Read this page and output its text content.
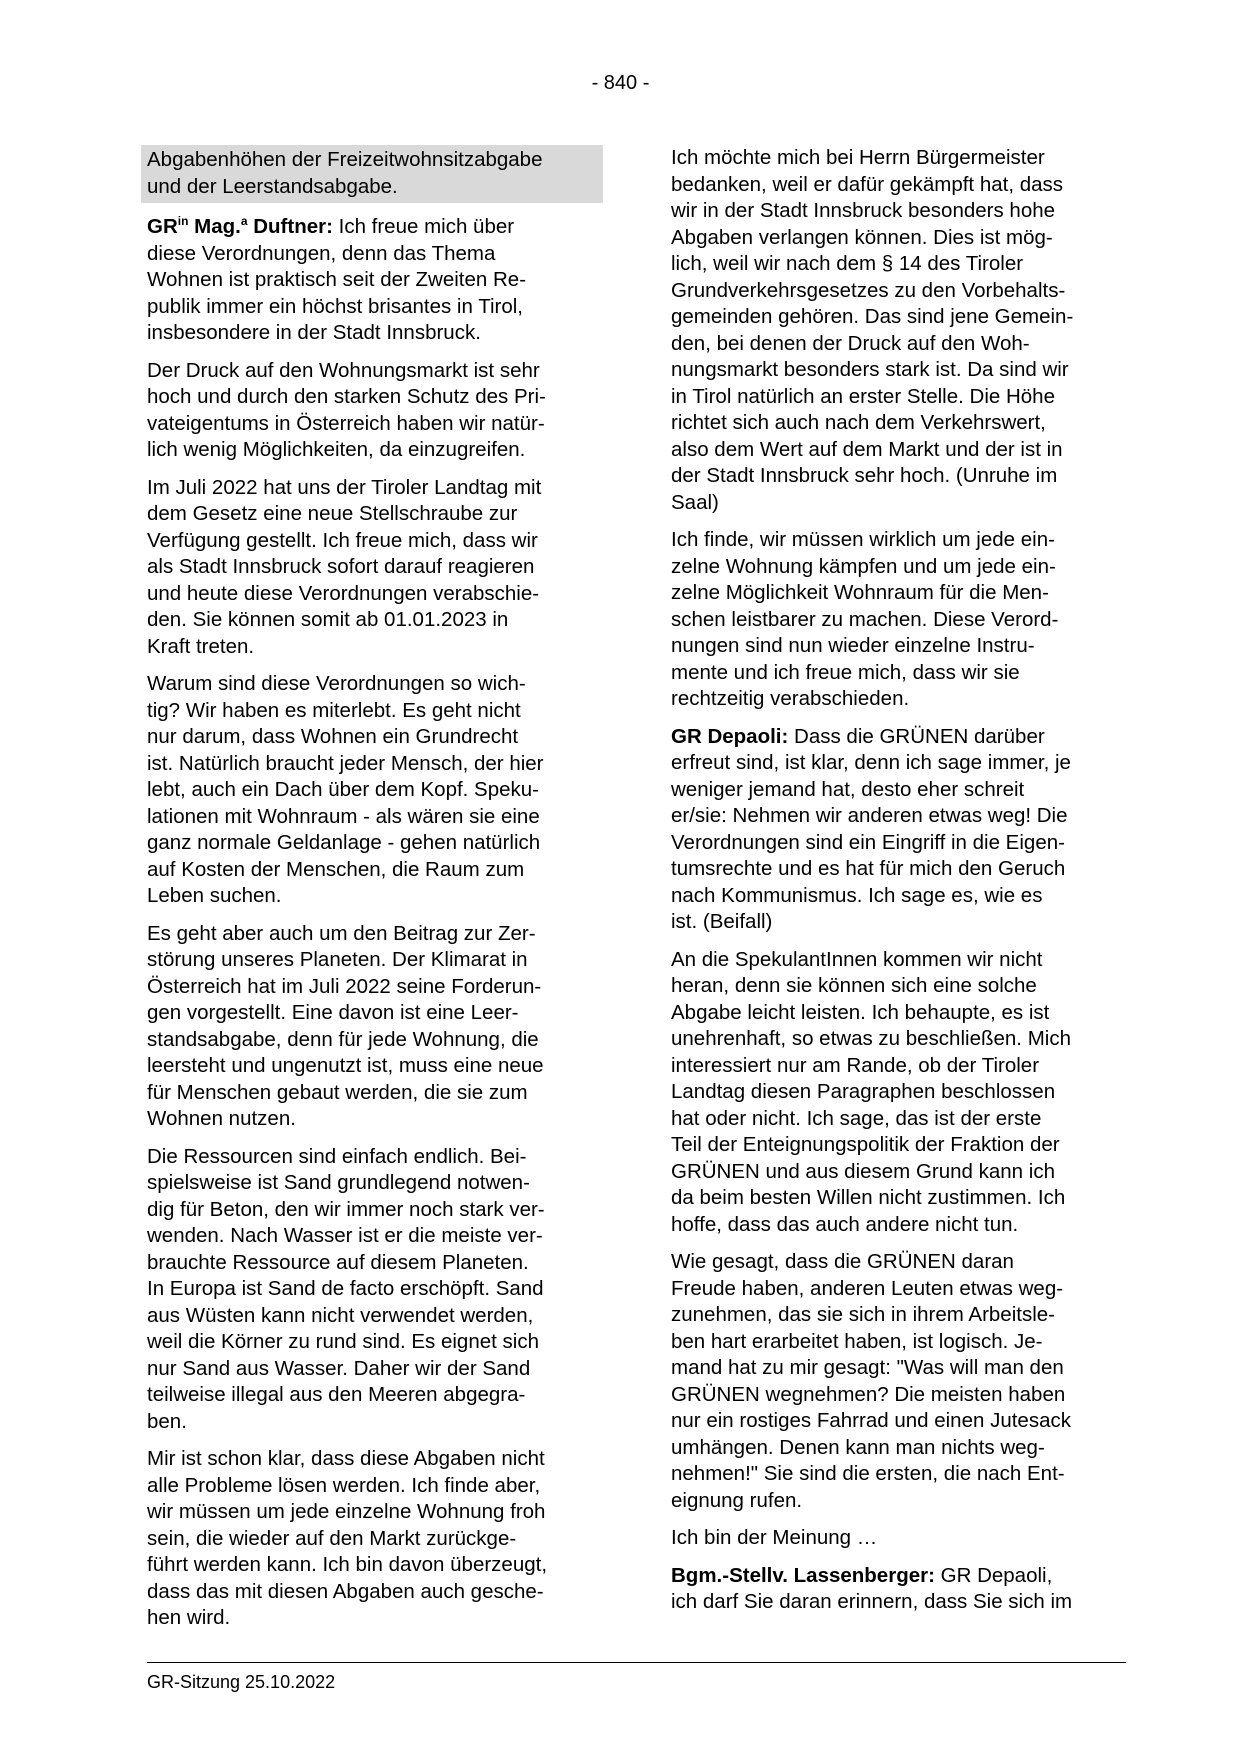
- 840 -
Abgabenhöhen der Freizeitwohnsitzabgabe
und der Leerstandsabgabe.

$GR^{in}$ Mag.$^a$ Duftner: Ich freue mich über
diese Verordnungen, denn das Thema
Wohnen ist praktisch seit der Zweiten Re-
publik immer ein höchst brisantes in Tirol,
insbesondere in der Stadt Innsbruck.

Der Druck auf den Wohnungsmarkt ist sehr
hoch und durch den starken Schutz des Pri-
vateigentums in Österreich haben wir natür-
lich wenig Möglichkeiten, da einzugreifen.

Im Juli 2022 hat uns der Tiroler Landtag mit
dem Gesetz eine neue Stellschraube zur
Verfügung gestellt. Ich freue mich, dass wir
als Stadt Innsbruck sofort darauf reagieren
und heute diese Verordnungen verabschie-
den. Sie können somit ab 01.01.2023 in
Kraft treten.

Warum sind diese Verordnungen so wich-
tig? Wir haben es miterlebt. Es geht nicht
nur darum, dass Wohnen ein Grundrecht
ist. Natürlich braucht jeder Mensch, der hier
lebt, auch ein Dach über dem Kopf. Speku-
lationen mit Wohnraum - als wären sie eine
ganz normale Geldanlage - gehen natürlich
auf Kosten der Menschen, die Raum zum
Leben suchen.

Es geht aber auch um den Beitrag zur Zer-
störung unseres Planeten. Der Klimarat in
Österreich hat im Juli 2022 seine Forderun-
gen vorgestellt. Eine davon ist eine Leer-
standsabgabe, denn für jede Wohnung, die
leersteht und ungenutzt ist, muss eine neue
für Menschen gebaut werden, die sie zum
Wohnen nutzen.

Die Ressourcen sind einfach endlich. Bei-
spielsweise ist Sand grundlegend notwen-
dig für Beton, den wir immer noch stark ver-
wenden. Nach Wasser ist er die meiste ver-
brauchte Ressource auf diesem Planeten.
In Europa ist Sand de facto erschöpft. Sand
aus Wüsten kann nicht verwendet werden,
weil die Körner zu rund sind. Es eignet sich
nur Sand aus Wasser. Daher wir der Sand
teilweise illegal aus den Meeren abgegra-
ben.

Mir ist schon klar, dass diese Abgaben nicht
alle Probleme lösen werden. Ich finde aber,
wir müssen um jede einzelne Wohnung froh
sein, die wieder auf den Markt zurückge-
führt werden kann. Ich bin davon überzeugt,
dass das mit diesen Abgaben auch gesche-
hen wird.

Ich möchte mich bei Herrn Bürgermeister
bedanken, weil er dafür gekämpft hat, dass
wir in der Stadt Innsbruck besonders hohe
Abgaben verlangen können. Dies ist mög-
lich, weil wir nach dem § 14 des Tiroler
Grundverkehrsgesetzes zu den Vorbehalts-
gemeinden gehören. Das sind jene Gemein-
den, bei denen der Druck auf den Woh-
nungsmarkt besonders stark ist. Da sind wir
in Tirol natürlich an erster Stelle. Die Höhe
richtet sich auch nach dem Verkehrswert,
also dem Wert auf dem Markt und der ist in
der Stadt Innsbruck sehr hoch. (Unruhe im
Saal)

Ich finde, wir müssen wirklich um jede ein-
zelne Wohnung kämpfen und um jede ein-
zelne Möglichkeit Wohnraum für die Men-
schen leistbarer zu machen. Diese Verord-
nungen sind nun wieder einzelne Instru-
mente und ich freue mich, dass wir sie
rechtzeitig verabschieden.

GR Depaoli: Dass die GRÜNEN darüber
erfreut sind, ist klar, denn ich sage immer, je
weniger jemand hat, desto eher schreit
er/sie: Nehmen wir anderen etwas weg! Die
Verordnungen sind ein Eingriff in die Eigen-
tumsrechte und es hat für mich den Geruch
nach Kommunismus. Ich sage es, wie es
ist. (Beifall)

An die SpekulantInnen kommen wir nicht
heran, denn sie können sich eine solche
Abgabe leicht leisten. Ich behaupte, es ist
unehrenhaft, so etwas zu beschließen. Mich
interessiert nur am Rande, ob der Tiroler
Landtag diesen Paragraphen beschlossen
hat oder nicht. Ich sage, das ist der erste
Teil der Enteignungspolitik der Fraktion der
GRÜNEN und aus diesem Grund kann ich
da beim besten Willen nicht zustimmen. Ich
hoffe, dass das auch andere nicht tun.

Wie gesagt, dass die GRÜNEN daran
Freude haben, anderen Leuten etwas weg-
zunehmen, das sie sich in ihrem Arbeitsle-
ben hart erarbeitet haben, ist logisch. Je-
mand hat zu mir gesagt: "Was will man den
GRÜNEN wegnehmen? Die meisten haben
nur ein rostiges Fahrrad und einen Jutesack
umhängen. Denen kann man nichts weg-
nehmen!" Sie sind die ersten, die nach Ent-
eignung rufen.

Ich bin der Meinung …

Bgm.-Stellv. Lassenberger: GR Depaoli,
ich darf Sie daran erinnern, dass Sie sich im

GR-Sitzung 25.10.2022
